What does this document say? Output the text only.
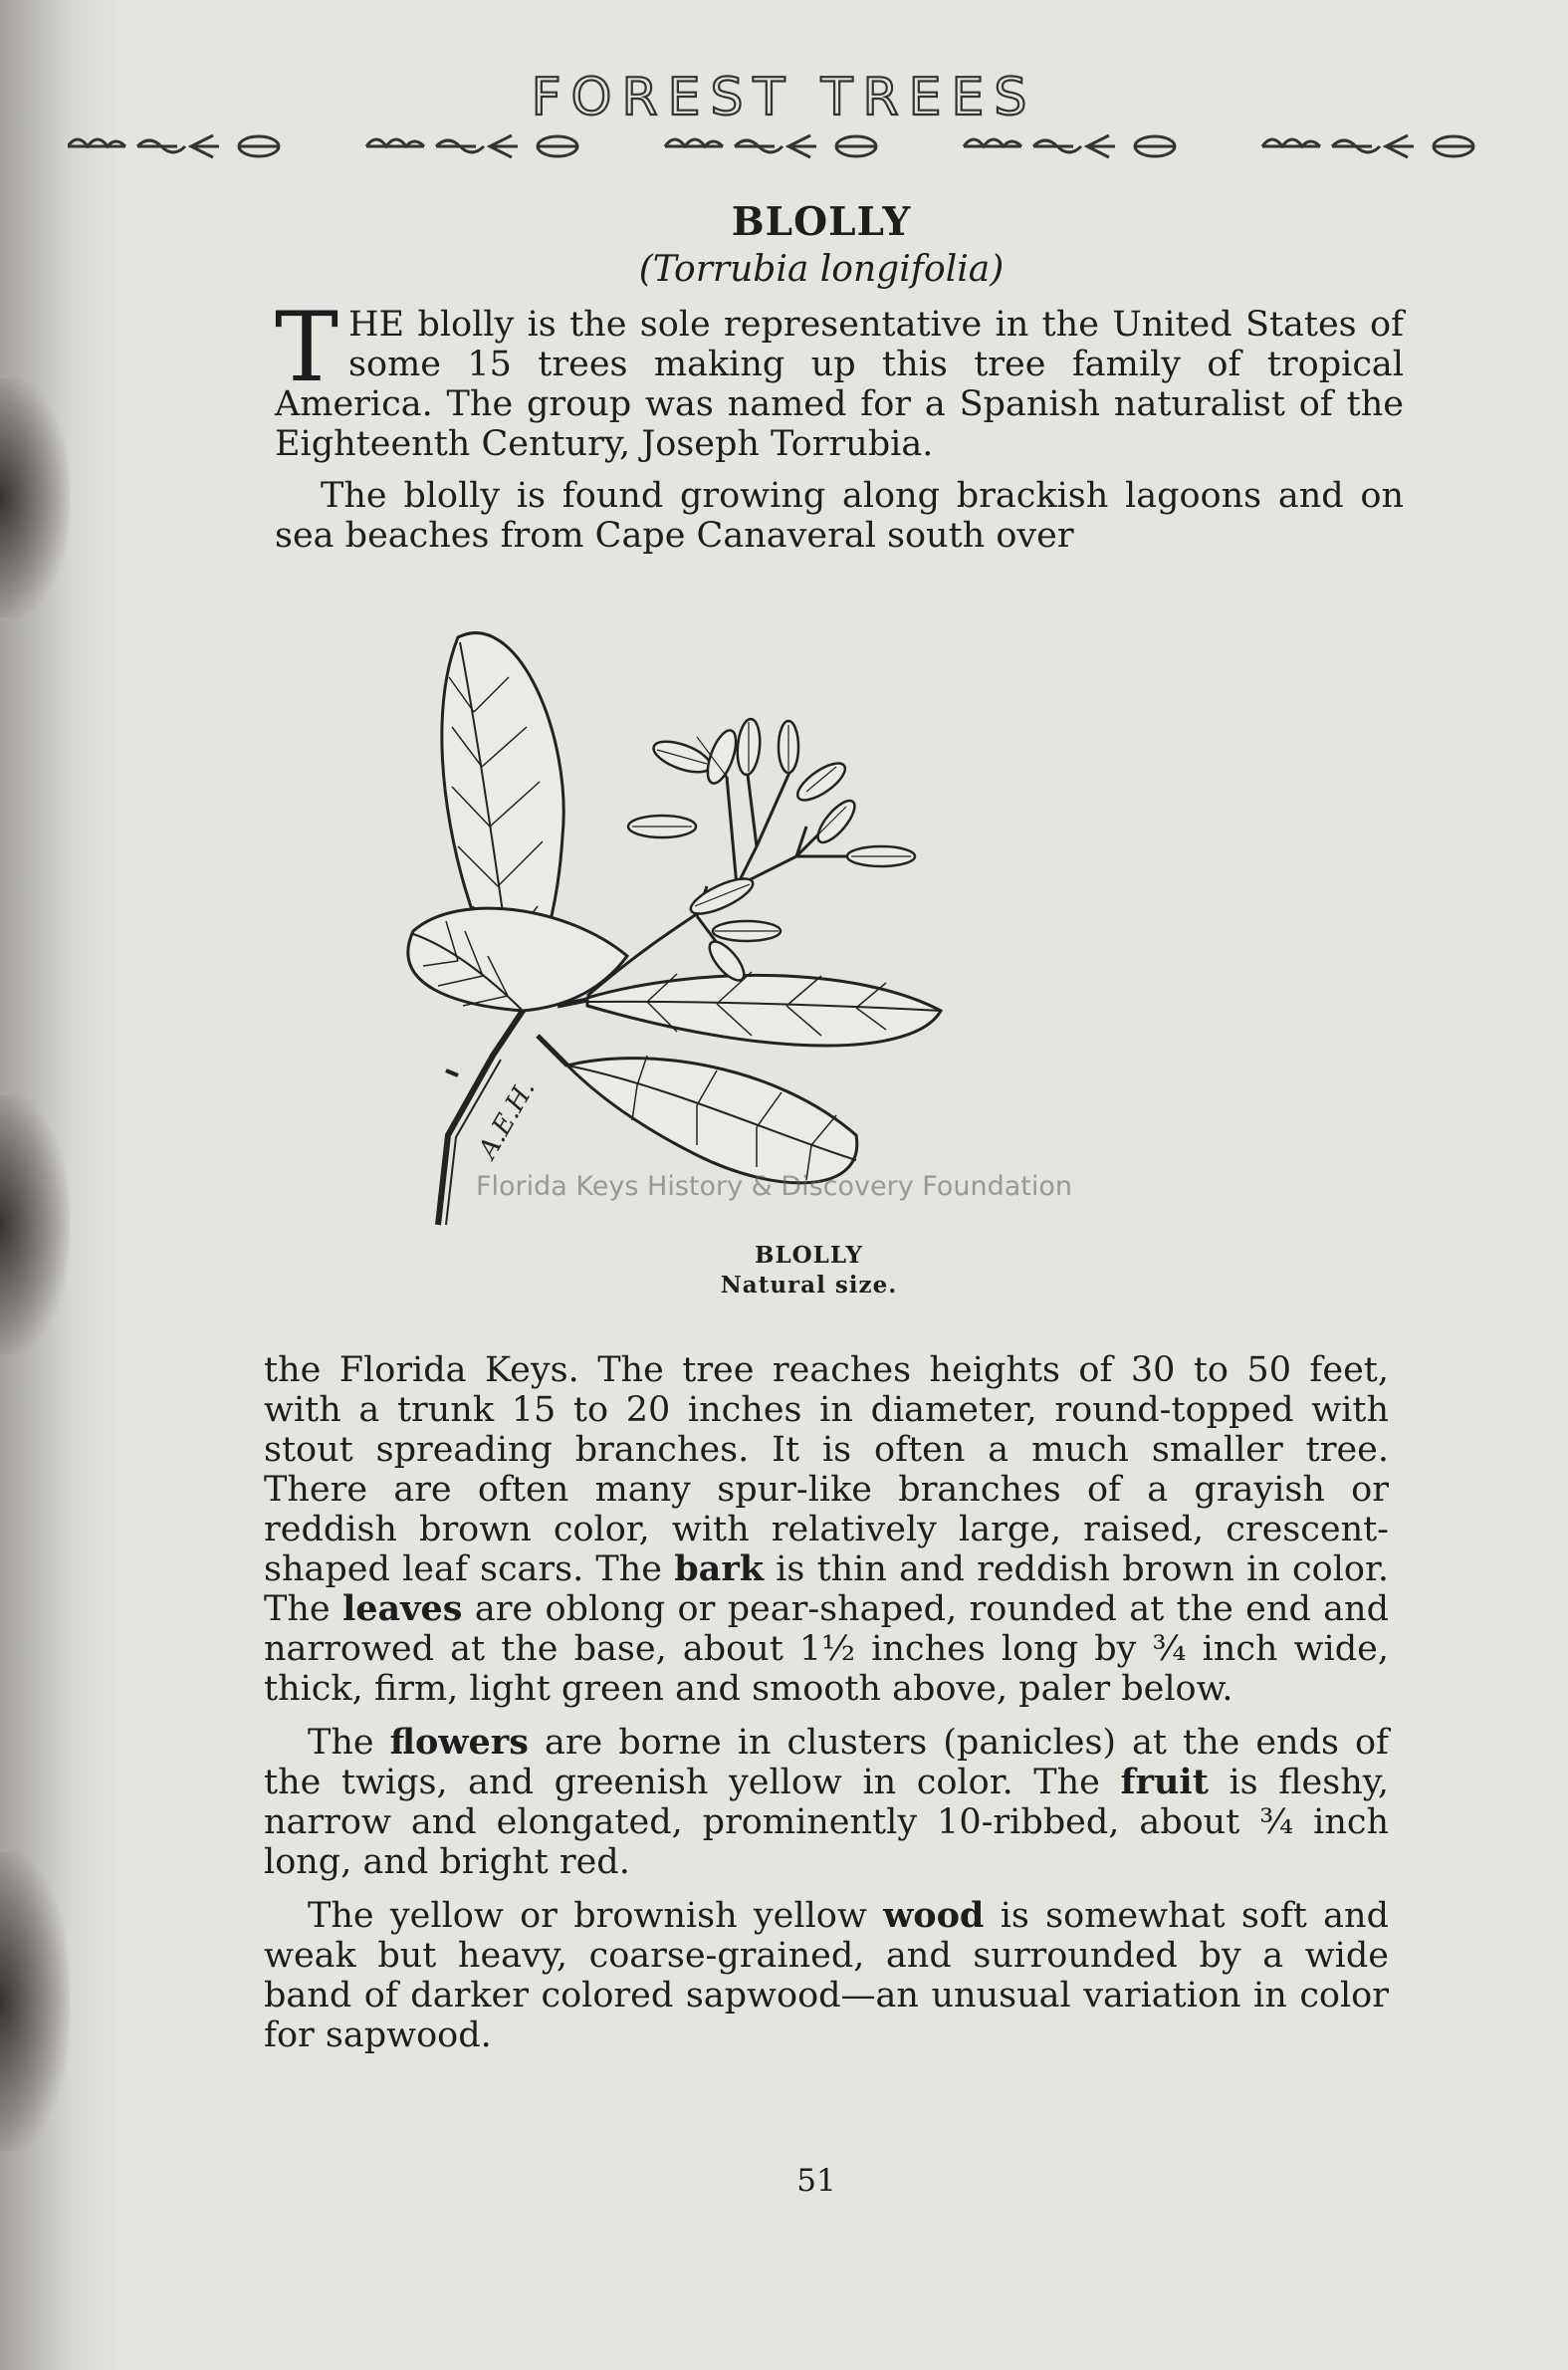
FOREST TREES
BLOLLY
(Torrubia longifolia)

THE blolly is the sole representative in the United States of some 15 trees making up this tree family of tropical America. The group was named for a Spanish naturalist of the Eighteenth Century, Joseph Torrubia.

The blolly is found growing along brackish lagoons and on sea beaches from Cape Canaveral south over

A.E.H.
Florida Keys History & Discovery Foundation
BLOLLY
Natural size.

the Florida Keys. The tree reaches heights of 30 to 50 feet, with a trunk 15 to 20 inches in diameter, round-topped with stout spreading branches. It is often a much smaller tree. There are often many spur-like branches of a grayish or reddish brown color, with relatively large, raised, crescent-shaped leaf scars. The bark is thin and reddish brown in color. The leaves are oblong or pear-shaped, rounded at the end and narrowed at the base, about 1½ inches long by ¾ inch wide, thick, firm, light green and smooth above, paler below.

The flowers are borne in clusters (panicles) at the ends of the twigs, and greenish yellow in color. The fruit is fleshy, narrow and elongated, prominently 10-ribbed, about ¾ inch long, and bright red.

The yellow or brownish yellow wood is somewhat soft and weak but heavy, coarse-grained, and surrounded by a wide band of darker colored sapwood—an unusual variation in color for sapwood.

51
